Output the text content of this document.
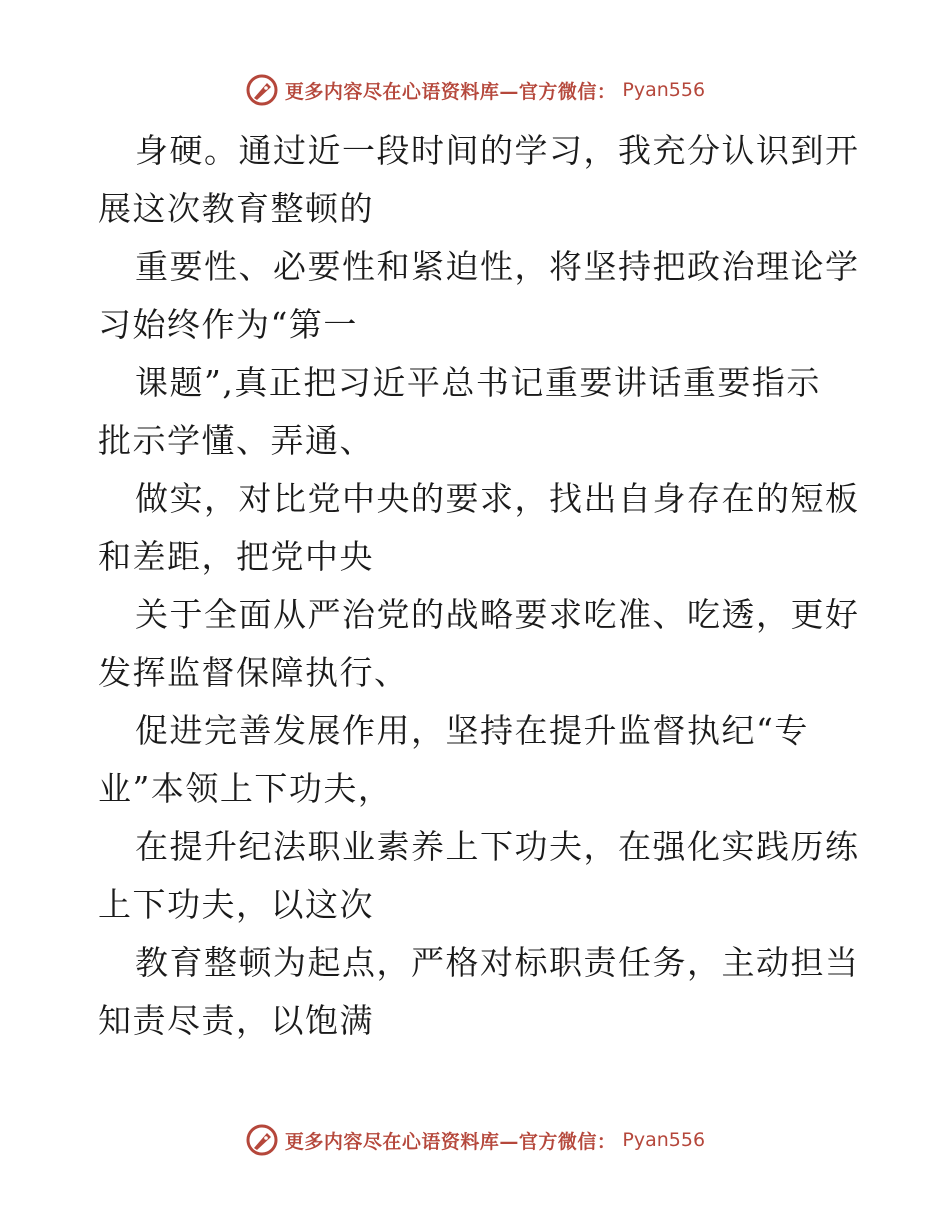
更多内容尽在心语资料库—官方微信： Pyan556

身硬。通过近一段时间的学习，我充分认识到开
展这次教育整顿的

重要性、必要性和紧迫性，将坚持把政治理论学
习始终作为“第一

课题”,真正把习近平总书记重要讲话重要指示
批示学懂、弄通、

做实，对比党中央的要求，找出自身存在的短板
和差距，把党中央

关于全面从严治党的战略要求吃准、吃透，更好
发挥监督保障执行、

促进完善发展作用，坚持在提升监督执纪“专
业”本领上下功夫，

在提升纪法职业素养上下功夫，在强化实践历练
上下功夫，以这次

教育整顿为起点，严格对标职责任务，主动担当
知责尽责，以饱满

更多内容尽在心语资料库—官方微信： Pyan556
